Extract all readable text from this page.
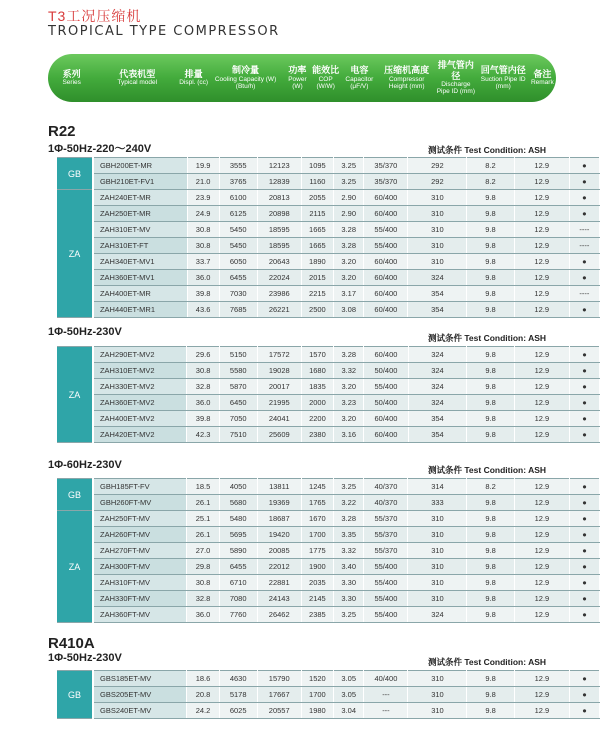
T3工况压缩机
TROPICAL TYPE COMPRESSOR
系列
Series
代表机型
Typical model
排量
Displ. (cc)
制冷量
Cooling Capacity (W) (Btu/h)
功率
Power (W)
能效比
COP (W/W)
电容
Capacitor (μF/V)
压缩机高度
Compressor Height (mm)
排气管内径
Discharge Pipe ID (mm)
回气管内径
Suction Pipe ID (mm)
备注
Remark
R22
1Φ-50Hz-220～240V	测试条件 Test Condition: ASH
GB	GBH200ET-MR	19.9	3555	12123	1095	3.25	35/370	292	8.2	12.9	●
	GBH210ET-FV1	21.0	3765	12839	1160	3.25	35/370	292	8.2	12.9	●
ZA	ZAH240ET-MR	23.9	6100	20813	2055	2.90	60/400	310	9.8	12.9	●
	ZAH250ET-MR	24.9	6125	20898	2115	2.90	60/400	310	9.8	12.9	●
	ZAH310ET-MV	30.8	5450	18595	1665	3.28	55/400	310	9.8	12.9	----
	ZAH310ET-FT	30.8	5450	18595	1665	3.28	55/400	310	9.8	12.9	----
	ZAH340ET-MV1	33.7	6050	20643	1890	3.20	60/400	310	9.8	12.9	●
	ZAH360ET-MV1	36.0	6455	22024	2015	3.20	60/400	324	9.8	12.9	●
	ZAH400ET-MR	39.8	7030	23986	2215	3.17	60/400	354	9.8	12.9	----
	ZAH440ET-MR1	43.6	7685	26221	2500	3.08	60/400	354	9.8	12.9	●
1Φ-50Hz-230V	测试条件 Test Condition: ASH
ZA	ZAH290ET-MV2	29.6	5150	17572	1570	3.28	60/400	324	9.8	12.9	●
	ZAH310ET-MV2	30.8	5580	19028	1680	3.32	50/400	324	9.8	12.9	●
	ZAH330ET-MV2	32.8	5870	20017	1835	3.20	55/400	324	9.8	12.9	●
	ZAH360ET-MV2	36.0	6450	21995	2000	3.23	50/400	324	9.8	12.9	●
	ZAH400ET-MV2	39.8	7050	24041	2200	3.20	60/400	354	9.8	12.9	●
	ZAH420ET-MV2	42.3	7510	25609	2380	3.16	60/400	354	9.8	12.9	●
1Φ-60Hz-230V	测试条件 Test Condition: ASH
GB	GBH185FT-FV	18.5	4050	13811	1245	3.25	40/370	314	8.2	12.9	●
	GBH260FT-MV	26.1	5680	19369	1765	3.22	40/370	333	9.8	12.9	●
ZA	ZAH250FT-MV	25.1	5480	18687	1670	3.28	55/370	310	9.8	12.9	●
	ZAH260FT-MV	26.1	5695	19420	1700	3.35	55/370	310	9.8	12.9	●
	ZAH270FT-MV	27.0	5890	20085	1775	3.32	55/370	310	9.8	12.9	●
	ZAH300FT-MV	29.8	6455	22012	1900	3.40	55/400	310	9.8	12.9	●
	ZAH310FT-MV	30.8	6710	22881	2035	3.30	55/400	310	9.8	12.9	●
	ZAH330FT-MV	32.8	7080	24143	2145	3.30	55/400	310	9.8	12.9	●
	ZAH360FT-MV	36.0	7760	26462	2385	3.25	55/400	324	9.8	12.9	●
R410A
1Φ-50Hz-230V	测试条件 Test Condition: ASH
GB	GBS185ET-MV	18.6	4630	15790	1520	3.05	40/400	310	9.8	12.9	●
	GBS205ET-MV	20.8	5178	17667	1700	3.05	---	310	9.8	12.9	●
	GBS240ET-MV	24.2	6025	20557	1980	3.04	---	310	9.8	12.9	●
